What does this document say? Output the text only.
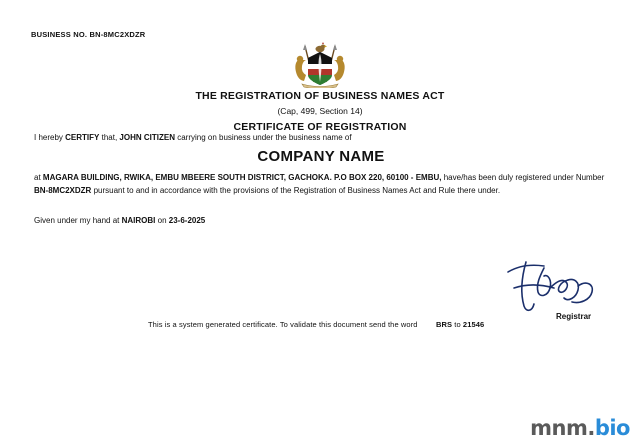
BUSINESS NO. BN-8MC2XDZR
THE REGISTRATION OF BUSINESS NAMES ACT
(Cap, 499, Section 14)
CERTIFICATE OF REGISTRATION
I hereby CERTIFY that, JOHN CITIZEN carrying on business under the business name of
COMPANY NAME
at MAGARA BUILDING, RWIKA, EMBU MBEERE SOUTH DISTRICT, GACHOKA. P.O BOX 220, 60100 - EMBU, have/has been duly registered under Number BN-8MC2XDZR pursuant to and in accordance with the provisions of the Registration of Business Names Act and Rule there under.
Given under my hand at NAIROBI on 23-6-2025
Registrar
This is a system generated certificate. To validate this document send the word BRS to 21546
mnm.bio
